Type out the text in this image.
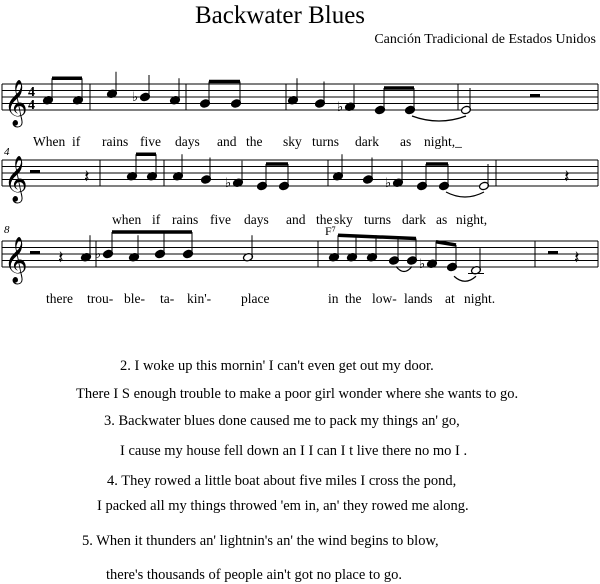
Backwater Blues
Canción Tradicional de Estados Unidos
𝄞
𝄞
𝄞
4
4
♭
♭
♭	♭
♭
♭
𝄽	𝄽
𝄽	𝄽
4
8	F⁷
When if rains five days and the sky turns dark as night,_
when if rains five days and the sky turns dark as night,
there trou- ble- ta- kin'- place	in the low- lands at night.
2. I woke up this mornin' I can't even get out my door.
There I S enough trouble to make a poor girl wonder where she wants to go.
3. Backwater blues done caused me to pack my things an' go,
I cause my house fell down an I I can I t live there no mo I .
4. They rowed a little boat about five miles I cross the pond,
I packed all my things throwed 'em in, an' they rowed me along.
5. When it thunders an' lightnin's an' the wind begins to blow,
there's thousands of people ain't got no place to go.
